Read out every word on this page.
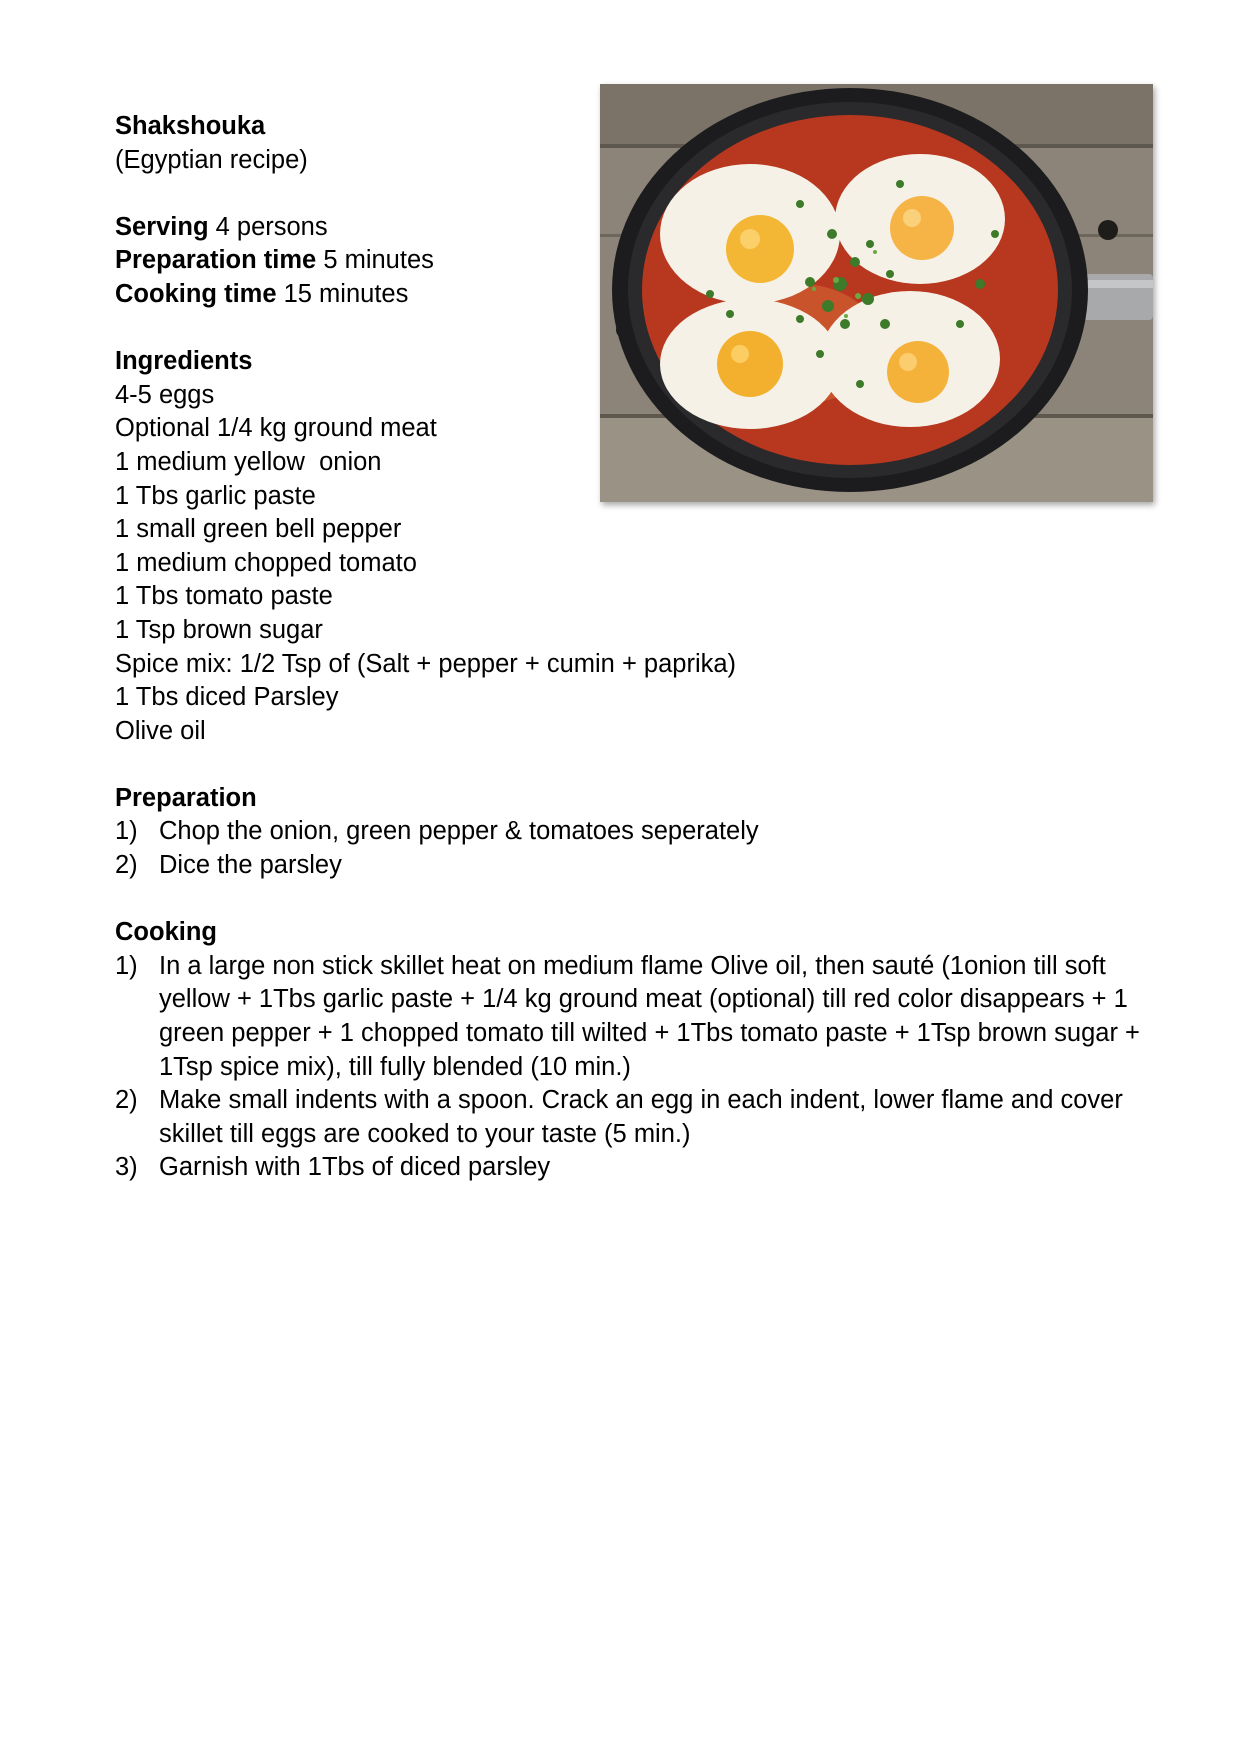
Shakshouka
(Egyptian recipe)
Serving 4 persons
Preparation time 5 minutes
Cooking time 15 minutes
Ingredients
4-5 eggs
Optional 1/4 kg ground meat
1 medium yellow  onion
1 Tbs garlic paste
1 small green bell pepper
1 medium chopped tomato
1 Tbs tomato paste
1 Tsp brown sugar
Spice mix: 1/2 Tsp of (Salt + pepper + cumin + paprika)
1 Tbs diced Parsley
Olive oil
Preparation
1) Chop the onion, green pepper & tomatoes seperately
2) Dice the parsley
Cooking
1) In a large non stick skillet heat on medium flame Olive oil, then sauté (1onion till soft yellow + 1Tbs garlic paste + 1/4 kg ground meat (optional) till red color disappears + 1 green pepper + 1 chopped tomato till wilted + 1Tbs tomato paste + 1Tsp brown sugar + 1Tsp spice mix), till fully blended (10 min.)
2) Make small indents with a spoon. Crack an egg in each indent, lower flame and cover skillet till eggs are cooked to your taste (5 min.)
3) Garnish with 1Tbs of diced parsley
